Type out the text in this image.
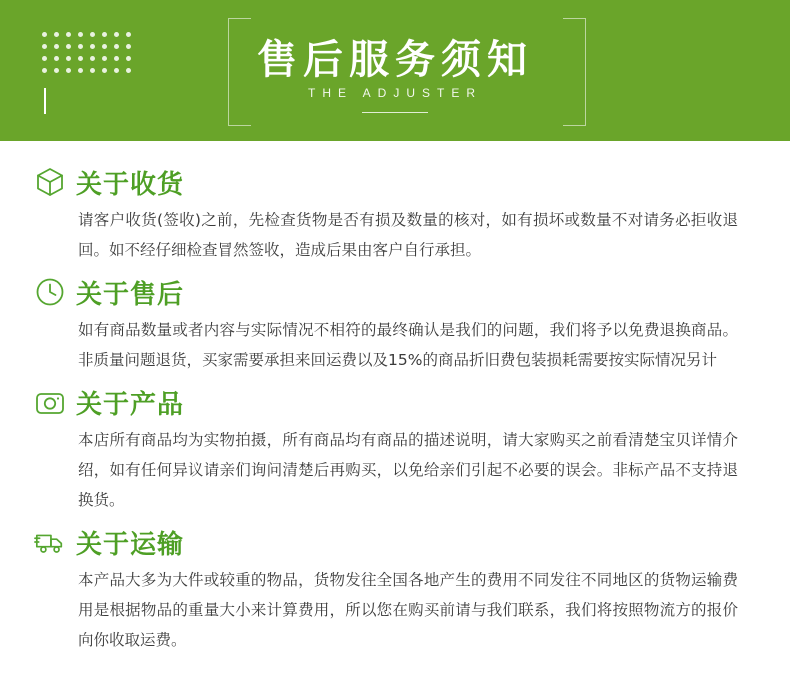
售后服务须知
THE ADJUSTER
关于收货

请客户收货(签收)之前，先检查货物是否有损及数量的核对，如有损坏或数量不对请务必拒收退回。如不经仔细检查冒然签收，造成后果由客户自行承担。

关于售后

如有商品数量或者内容与实际情况不相符的最终确认是我们的问题，我们将予以免费退换商品。非质量问题退货，买家需要承担来回运费以及15%的商品折旧费包装损耗需要按实际情况另计

关于产品

本店所有商品均为实物拍摄，所有商品均有商品的描述说明，请大家购买之前看清楚宝贝详情介绍，如有任何异议请亲们询问清楚后再购买，以免给亲们引起不必要的误会。非标产品不支持退换货。

关于运输

本产品大多为大件或较重的物品，货物发往全国各地产生的费用不同发往不同地区的货物运输费用是根据物品的重量大小来计算费用，所以您在购买前请与我们联系，我们将按照物流方的报价向你收取运费。
